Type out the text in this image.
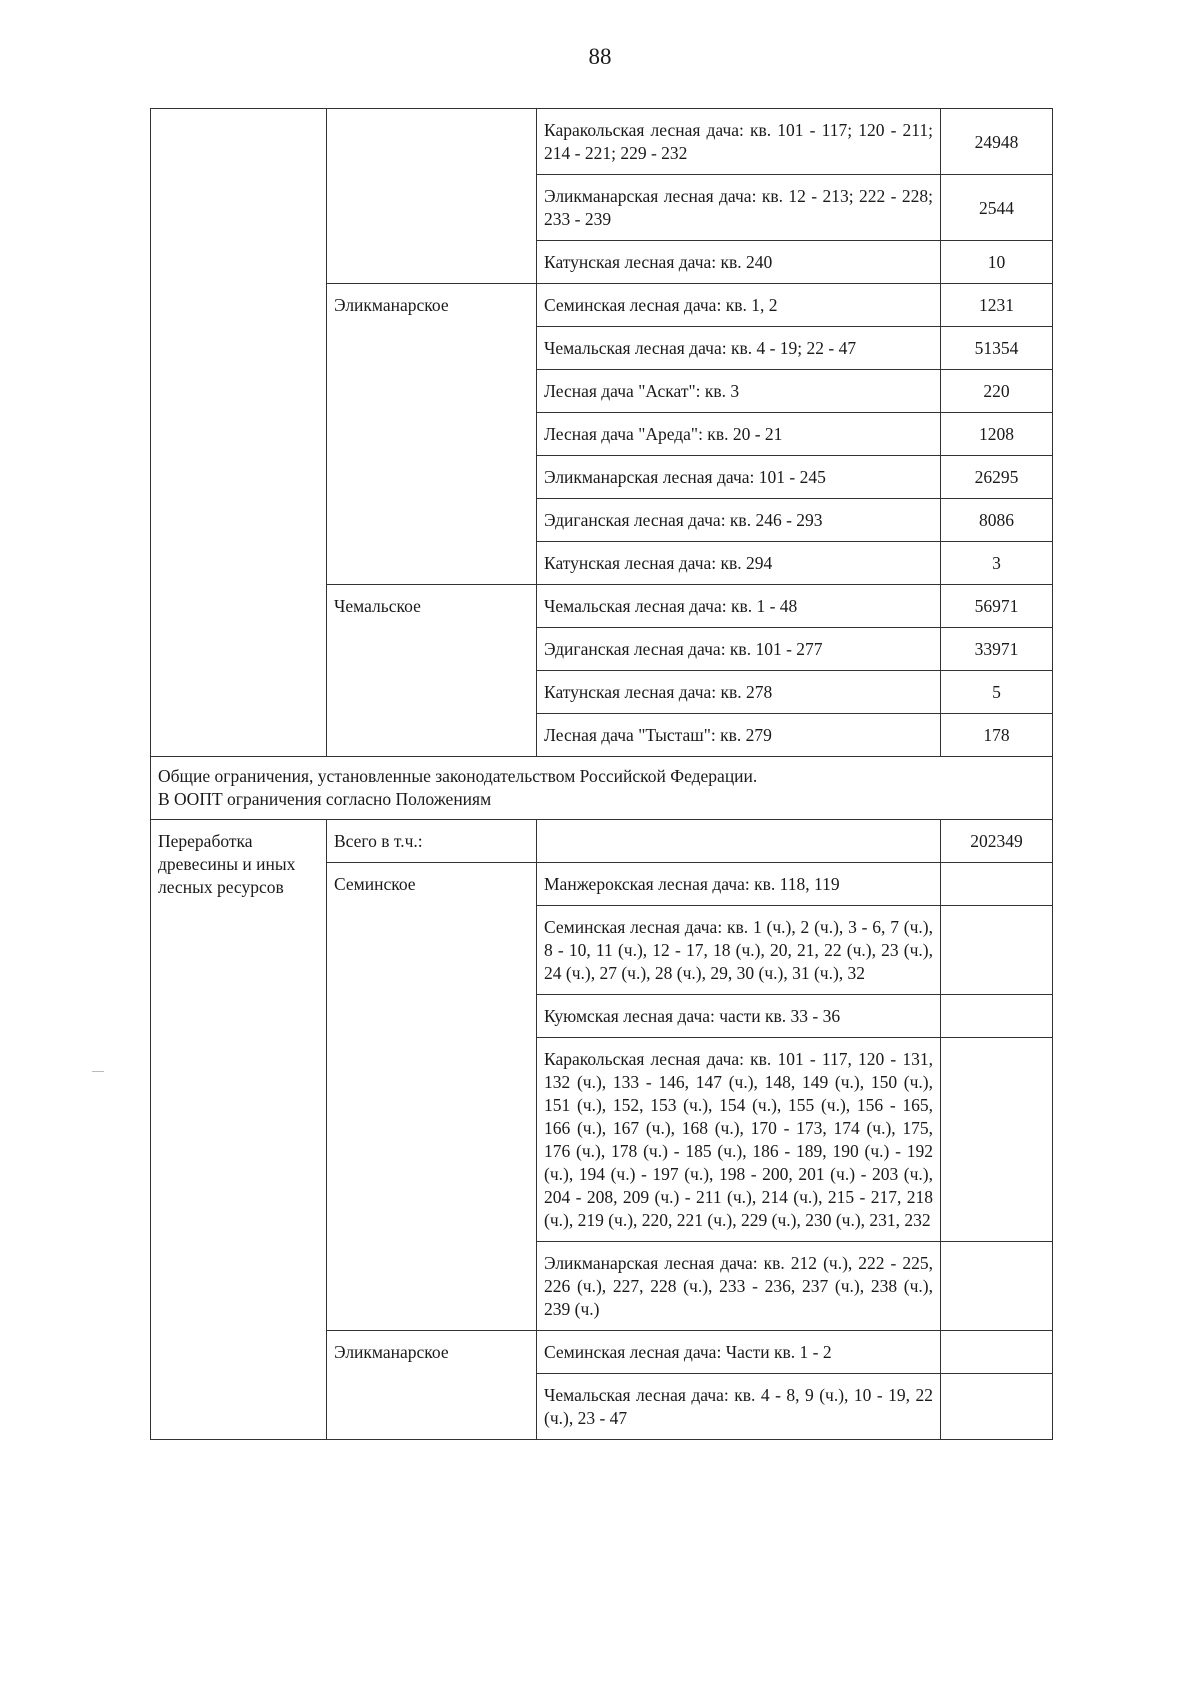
88
		Каракольская лесная дача: кв. 101 - 117; 120 - 211; 214 - 221; 229 - 232	24948
		Эликманарская лесная дача: кв. 12 - 213; 222 - 228; 233 - 239	2544
		Катунская лесная дача: кв. 240	10
	Эликманарское	Семинская лесная дача: кв. 1, 2	1231
		Чемальская лесная дача: кв. 4 - 19; 22 - 47	51354
		Лесная дача "Аскат": кв. 3	220
		Лесная дача "Ареда": кв. 20 - 21	1208
		Эликманарская лесная дача: 101 - 245	26295
		Эдиганская лесная дача: кв. 246 - 293	8086
		Катунская лесная дача: кв. 294	3
	Чемальское	Чемальская лесная дача: кв. 1 - 48	56971
		Эдиганская лесная дача: кв. 101 - 277	33971
		Катунская лесная дача: кв. 278	5
		Лесная дача "Тысташ": кв. 279	178

Общие ограничения, установленные законодательством Российской Федерации.
В ООПТ ограничения согласно Положениям			

Переработка древесины и иных лесных ресурсов	Всего в т.ч.:		202349
	Семинское	Манжерокская лесная дача: кв. 118, 119	
		Семинская лесная дача: кв. 1 (ч.), 2 (ч.), 3 - 6, 7 (ч.), 8 - 10, 11 (ч.), 12 - 17, 18 (ч.), 20, 21, 22 (ч.), 23 (ч.), 24 (ч.), 27 (ч.), 28 (ч.), 29, 30 (ч.), 31 (ч.), 32	
		Куюмская лесная дача: части кв. 33 - 36	
		Каракольская лесная дача: кв. 101 - 117, 120 - 131, 132 (ч.), 133 - 146, 147 (ч.), 148, 149 (ч.), 150 (ч.), 151 (ч.), 152, 153 (ч.), 154 (ч.), 155 (ч.), 156 - 165, 166 (ч.), 167 (ч.), 168 (ч.), 170 - 173, 174 (ч.), 175, 176 (ч.), 178 (ч.) - 185 (ч.), 186 - 189, 190 (ч.) - 192 (ч.), 194 (ч.) - 197 (ч.), 198 - 200, 201 (ч.) - 203 (ч.), 204 - 208, 209 (ч.) - 211 (ч.), 214 (ч.), 215 - 217, 218 (ч.), 219 (ч.), 220, 221 (ч.), 229 (ч.), 230 (ч.), 231, 232	
		Эликманарская лесная дача: кв. 212 (ч.), 222 - 225, 226 (ч.), 227, 228 (ч.), 233 - 236, 237 (ч.), 238 (ч.), 239 (ч.)	
	Эликманарское	Семинская лесная дача: Части кв. 1 - 2	
		Чемальская лесная дача: кв. 4 - 8, 9 (ч.), 10 - 19, 22 (ч.), 23 - 47	
